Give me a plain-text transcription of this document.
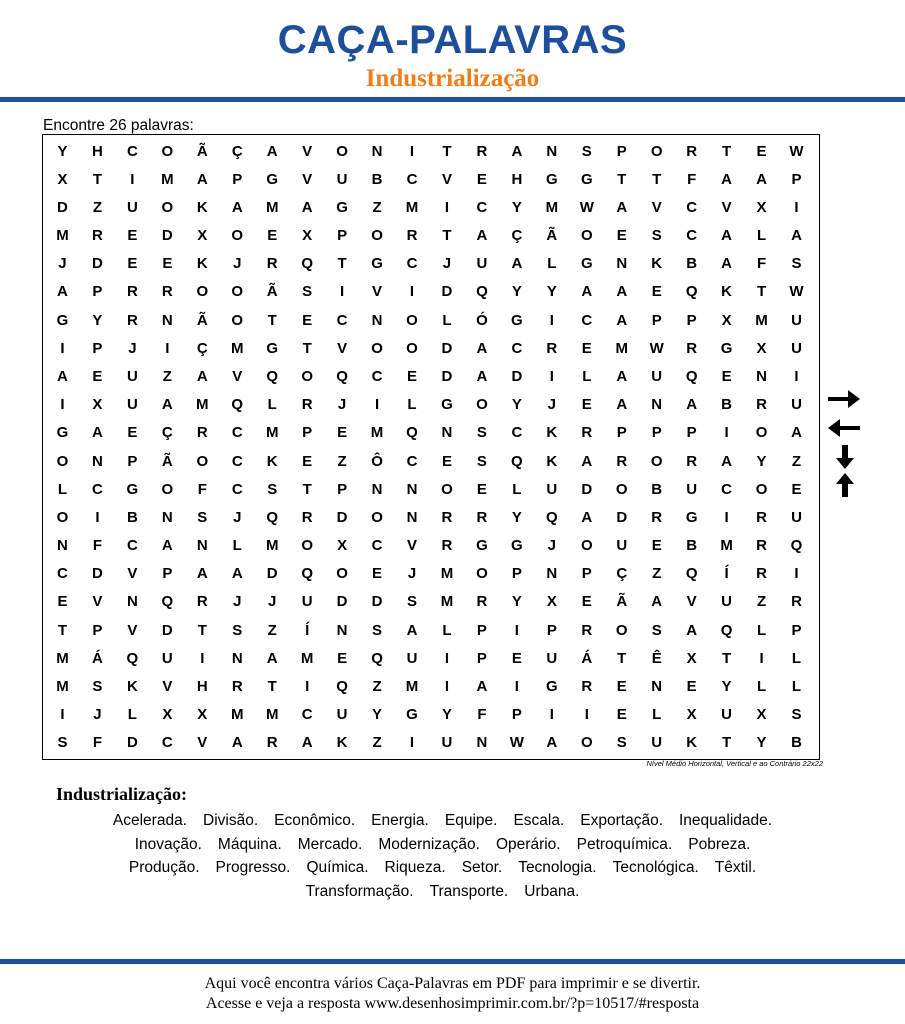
CAÇA-PALAVRAS
Industrialização
Encontre 26 palavras:
Y	H	C	O	Ã	Ç	A	V	O	N	I	T	R	A	N	S	P	O	R	T	E	W
X	T	I	M	A	P	G	V	U	B	C	V	E	H	G	G	T	T	F	A	A	P
D	Z	U	O	K	A	M	A	G	Z	M	I	C	Y	M	W	A	V	C	V	X	I
M	R	E	D	X	O	E	X	P	O	R	T	A	Ç	Ã	O	E	S	C	A	L	A
J	D	E	E	K	J	R	Q	T	G	C	J	U	A	L	G	N	K	B	A	F	S
A	P	R	R	O	O	Ã	S	I	V	I	D	Q	Y	Y	A	A	E	Q	K	T	W
G	Y	R	N	Ã	O	T	E	C	N	O	L	Ó	G	I	C	A	P	P	X	M	U
I	P	J	I	Ç	M	G	T	V	O	O	D	A	C	R	E	M	W	R	G	X	U
A	E	U	Z	A	V	Q	O	Q	C	E	D	A	D	I	L	A	U	Q	E	N	I
I	X	U	A	M	Q	L	R	J	I	L	G	O	Y	J	E	A	N	A	B	R	U
G	A	E	Ç	R	C	M	P	E	M	Q	N	S	C	K	R	P	P	P	I	O	A
O	N	P	Ã	O	C	K	E	Z	Ô	C	E	S	Q	K	A	R	O	R	A	Y	Z
L	C	G	O	F	C	S	T	P	N	N	O	E	L	U	D	O	B	U	C	O	E
O	I	B	N	S	J	Q	R	D	O	N	R	R	Y	Q	A	D	R	G	I	R	U
N	F	C	A	N	L	M	O	X	C	V	R	G	G	J	O	U	E	B	M	R	Q
C	D	V	P	A	A	D	Q	O	E	J	M	O	P	N	P	Ç	Z	Q	Í	R	I
E	V	N	Q	R	J	J	U	D	D	S	M	R	Y	X	E	Ã	A	V	U	Z	R
T	P	V	D	T	S	Z	Í	N	S	A	L	P	I	P	R	O	S	A	Q	L	P
M	Á	Q	U	I	N	A	M	E	Q	U	I	P	E	U	Á	T	Ê	X	T	I	L
M	S	K	V	H	R	T	I	Q	Z	M	I	A	I	G	R	E	N	E	Y	L	L
I	J	L	X	X	M	M	C	U	Y	G	Y	F	P	I	I	E	L	X	U	X	S
S	F	D	C	V	A	R	A	K	Z	I	U	N	W	A	O	S	U	K	T	Y	B
Nível Médio Horizontal, Vertical e ao Contrário 22x22
Industrialização:
Acelerada. Divisão. Econômico. Energia. Equipe. Escala. Exportação. Inequalidade.
Inovação. Máquina. Mercado. Modernização. Operário. Petroquímica. Pobreza.
Produção. Progresso. Química. Riqueza. Setor. Tecnologia. Tecnológica. Têxtil.
Transformação. Transporte. Urbana.
Aqui você encontra vários Caça-Palavras em PDF para imprimir e se divertir.
Acesse e veja a resposta www.desenhosimprimir.com.br/?p=10517/#resposta
